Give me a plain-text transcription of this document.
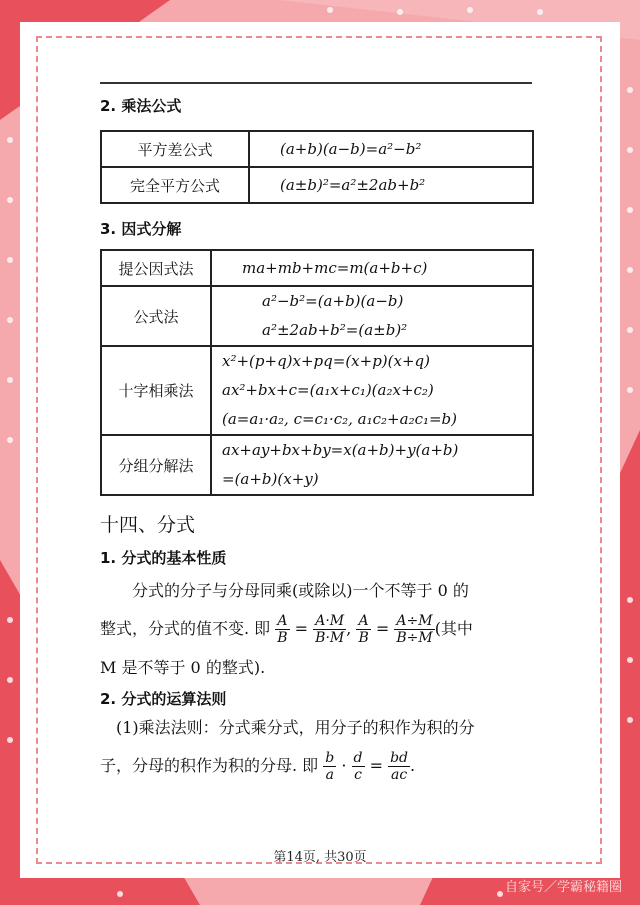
2. 乘法公式

平方差公式	(a+b)(a−b)=a²−b²
完全平方公式	(a±b)²=a²±2ab+b²

3. 因式分解

提公因式法	ma+mb+mc=m(a+b+c)
公式法	a²−b²=(a+b)(a−b)
a²±2ab+b²=(a±b)²

十字相乘法	x²+(p+q)x+pq=(x+p)(x+q)
ax²+bx+c=(a₁x+c₁)(a₂x+c₂)
(a=a₁·a₂, c=c₁·c₂, a₁c₂+a₂c₁=b)

分组分解法	ax+ay+bx+by=x(a+b)+y(a+b)
=(a+b)(x+y)

十四、分式

1. 分式的基本性质

分式的分子与分母同乘(或除以)一个不等于 0 的

整式，分式的值不变. 即 $\frac{A}{B} = \frac{A\cdot M}{B\cdot M}$ , $\frac{A}{B} = \frac{A\div M}{B\div M}$ (其中

M 是不等于 0 的整式).

2. 分式的运算法则

(1)乘法法则：分式乘分式，用分子的积作为积的分

子，分母的积作为积的分母. 即 $\frac{b}{a} \cdot \frac{d}{c} = \frac{bd}{ac}$ .

第14页, 共30页
自家号／学霸秘籍圈
